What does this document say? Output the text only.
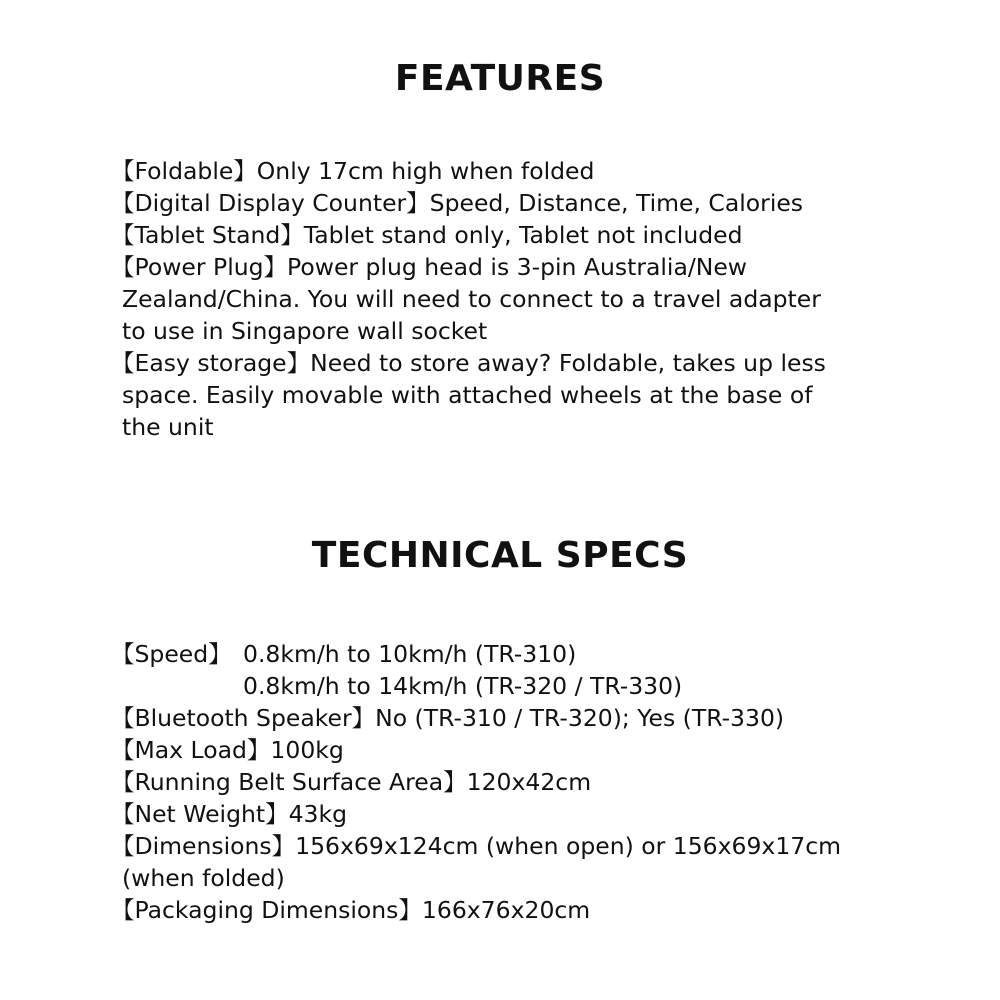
FEATURES
【Foldable】Only 17cm high when folded
【Digital Display Counter】Speed, Distance, Time, Calories
【Tablet Stand】Tablet stand only, Tablet not included
【Power Plug】Power plug head is 3-pin Australia/New
Zealand/China. You will need to connect to a travel adapter
to use in Singapore wall socket
【Easy storage】Need to store away? Foldable, takes up less
space. Easily movable with attached wheels at the base of
the unit
TECHNICAL SPECS
【Speed】 0.8km/h to 10km/h (TR-310)
0.8km/h to 14km/h (TR-320 / TR-330)
【Bluetooth Speaker】No (TR-310 / TR-320); Yes (TR-330)
【Max Load】100kg
【Running Belt Surface Area】120x42cm
【Net Weight】43kg
【Dimensions】156x69x124cm (when open) or 156x69x17cm
(when folded)
【Packaging Dimensions】166x76x20cm
